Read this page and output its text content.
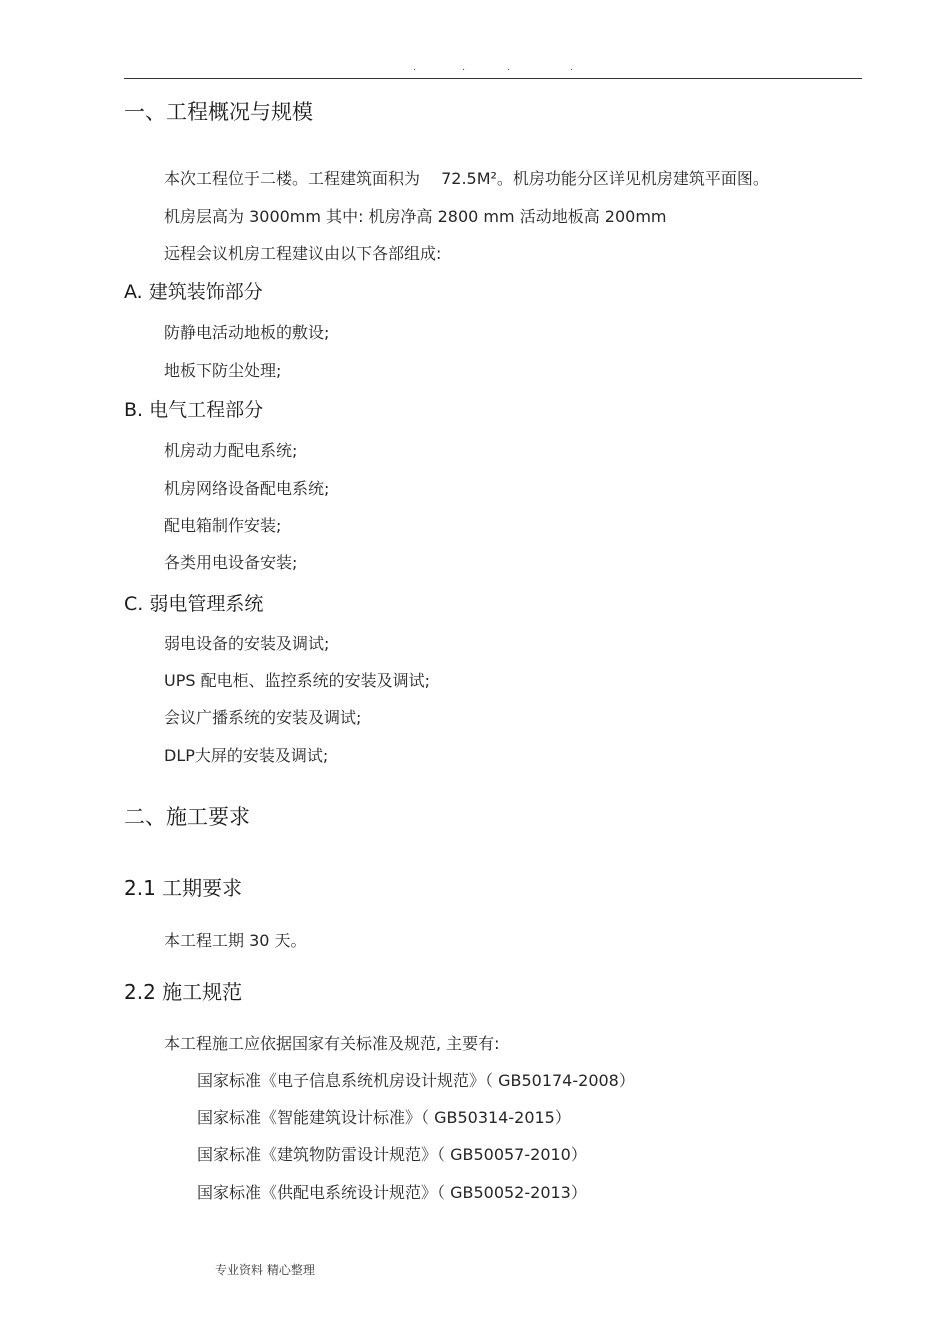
.	.	.	.
一、工程概况与规模
本次工程位于二楼。工程建筑面积为　 72.5M²。机房功能分区详见机房建筑平面图。
机房层高为 3000mm 其中: 机房净高 2800 mm 活动地板高 200mm
远程会议机房工程建议由以下各部组成:
A. 建筑装饰部分
防静电活动地板的敷设;
地板下防尘处理;
B. 电气工程部分
机房动力配电系统;
机房网络设备配电系统;
配电箱制作安装;
各类用电设备安装;
C. 弱电管理系统
弱电设备的安装及调试;
UPS 配电柜、监控系统的安装及调试;
会议广播系统的安装及调试;
DLP大屏的安装及调试;
二、施工要求
2.1 工期要求
本工程工期 30 天。
2.2 施工规范
本工程施工应依据国家有关标准及规范, 主要有:
国家标准《电子信息系统机房设计规范》（ GB50174-2008）
国家标准《智能建筑设计标准》（ GB50314-2015）
国家标准《建筑物防雷设计规范》（ GB50057-2010）
国家标准《供配电系统设计规范》（ GB50052-2013）
专业资料 精心整理
